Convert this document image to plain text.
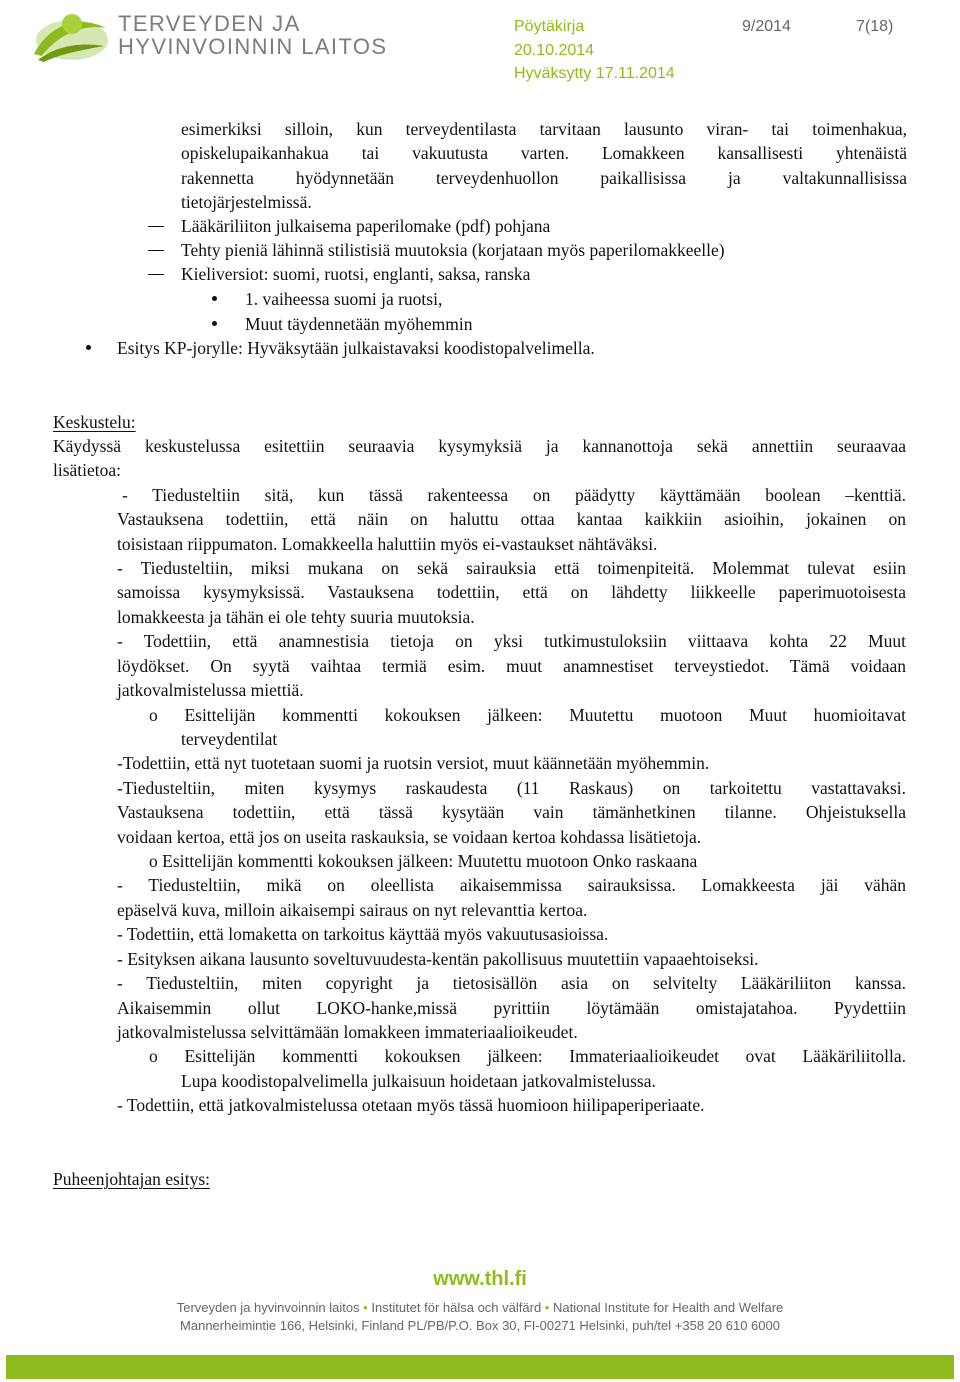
TERVEYDEN JA
HYVINVOINNIN LAITOS
Pöytäkirja	9/2014	7(18)
20.10.2014
Hyväksytty 17.11.2014
esimerkiksi silloin, kun terveydentilasta tarvitaan lausunto viran- tai toimenhakua,
opiskelupaikanhakua tai vakuutusta varten. Lomakkeen kansallisesti yhtenäistä
rakennetta hyödynnetään terveydenhuollon paikallisissa ja valtakunnallisissa
tietojärjestelmissä.
Lääkäriliiton julkaisema paperilomake (pdf) pohjana
Tehty pieniä lähinnä stilistisiä muutoksia (korjataan myös paperilomakkeelle)
Kieliversiot: suomi, ruotsi, englanti, saksa, ranska
1. vaiheessa suomi ja ruotsi,
Muut täydennetään myöhemmin
Esitys KP-jorylle: Hyväksytään julkaistavaksi koodistopalvelimella.
Keskustelu:
Käydyssä keskustelussa esitettiin seuraavia kysymyksiä ja kannanottoja sekä annettiin seuraavaa
lisätietoa:
- Tiedusteltiin sitä, kun tässä rakenteessa on päädytty käyttämään boolean –kenttiä.
Vastauksena todettiin, että näin on haluttu ottaa kantaa kaikkiin asioihin, jokainen on
toisistaan riippumaton. Lomakkeella haluttiin myös ei-vastaukset nähtäväksi.
- Tiedusteltiin, miksi mukana on sekä sairauksia että toimenpiteitä. Molemmat tulevat esiin
samoissa kysymyksissä. Vastauksena todettiin, että on lähdetty liikkeelle paperimuotoisesta
lomakkeesta ja tähän ei ole tehty suuria muutoksia.
- Todettiin, että anamnestisia tietoja on yksi tutkimustuloksiin viittaava kohta 22 Muut
löydökset. On syytä vaihtaa termiä esim. muut anamnestiset terveystiedot. Tämä voidaan
jatkovalmistelussa miettiä.
o Esittelijän kommentti kokouksen jälkeen: Muutettu muotoon Muut huomioitavat
terveydentilat
-Todettiin, että nyt tuotetaan suomi ja ruotsin versiot, muut käännetään myöhemmin.
-Tiedusteltiin, miten kysymys raskaudesta (11 Raskaus) on tarkoitettu vastattavaksi.
Vastauksena todettiin, että tässä kysytään vain tämänhetkinen tilanne. Ohjeistuksella
voidaan kertoa, että jos on useita raskauksia, se voidaan kertoa kohdassa lisätietoja.
o Esittelijän kommentti kokouksen jälkeen: Muutettu muotoon Onko raskaana
- Tiedusteltiin, mikä on oleellista aikaisemmissa sairauksissa. Lomakkeesta jäi vähän
epäselvä kuva, milloin aikaisempi sairaus on nyt relevanttia kertoa.
- Todettiin, että lomaketta on tarkoitus käyttää myös vakuutusasioissa.
- Esityksen aikana lausunto soveltuvuudesta-kentän pakollisuus muutettiin vapaaehtoiseksi.
- Tiedusteltiin, miten copyright ja tietosisällön asia on selvitelty Lääkäriliiton kanssa.
Aikaisemmin ollut LOKO-hanke,missä pyrittiin löytämään omistajatahoa. Pyydettiin
jatkovalmistelussa selvittämään lomakkeen immateriaalioikeudet.
o Esittelijän kommentti kokouksen jälkeen: Immateriaalioikeudet ovat Lääkäriliitolla.
Lupa koodistopalvelimella julkaisuun hoidetaan jatkovalmistelussa.
- Todettiin, että jatkovalmistelussa otetaan myös tässä huomioon hiilipaperiperiaate.
Puheenjohtajan esitys:
www.thl.fi
Terveyden ja hyvinvoinnin laitos • Institutet för hälsa och välfärd • National Institute for Health and Welfare
Mannerheimintie 166, Helsinki, Finland PL/PB/P.O. Box 30, FI-00271 Helsinki, puh/tel +358 20 610 6000
